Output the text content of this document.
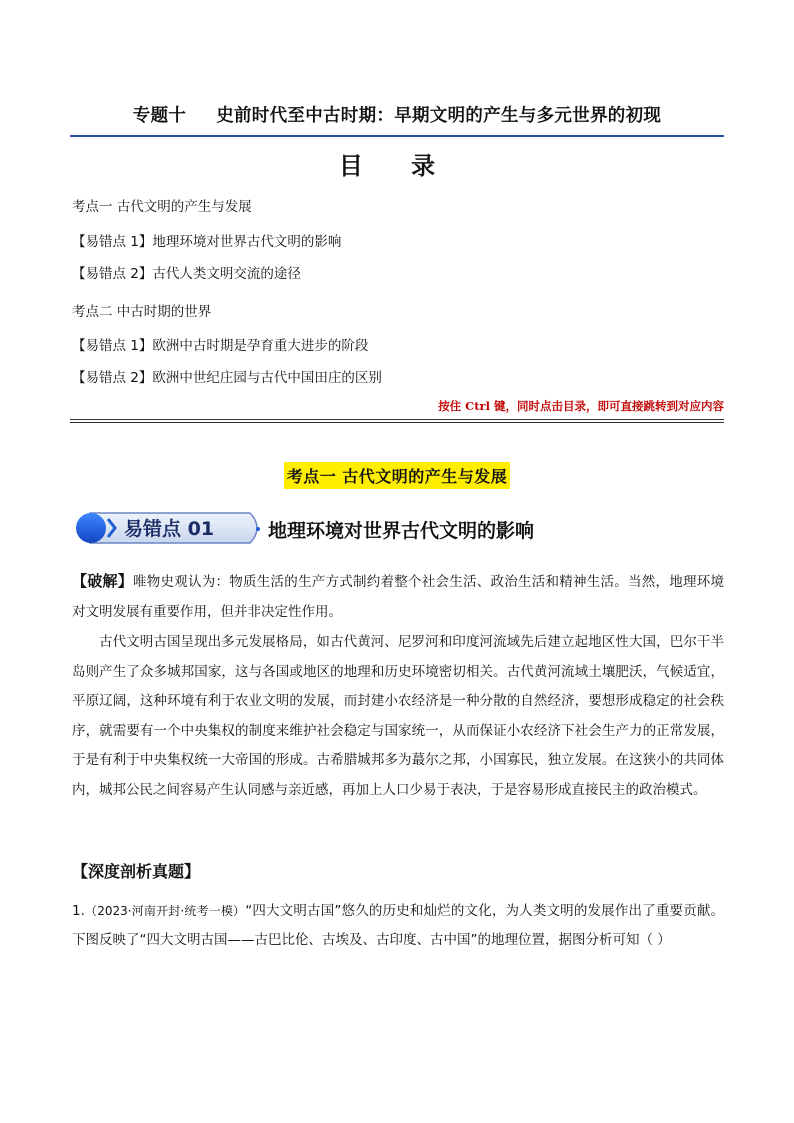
专题十 史前时代至中古时期：早期文明的产生与多元世界的初现
目 录
考点一 古代文明的产生与发展
【易错点 1】地理环境对世界古代文明的影响
【易错点 2】古代人类文明交流的途径
考点二 中古时期的世界
【易错点 1】欧洲中古时期是孕育重大进步的阶段
【易错点 2】欧洲中世纪庄园与古代中国田庄的区别
按住 Ctrl 键，同时点击目录，即可直接跳转到对应内容
考点一 古代文明的产生与发展
易错点 01	地理环境对世界古代文明的影响
【破解】唯物史观认为：物质生活的生产方式制约着整个社会生活、政治生活和精神生活。当然，地理环境对文明发展有重要作用，但并非决定性作用。
古代文明古国呈现出多元发展格局，如古代黄河、尼罗河和印度河流域先后建立起地区性大国，巴尔干半岛则产生了众多城邦国家，这与各国或地区的地理和历史环境密切相关。古代黄河流域土壤肥沃，气候适宜，平原辽阔，这种环境有利于农业文明的发展，而封建小农经济是一种分散的自然经济，要想形成稳定的社会秩序，就需要有一个中央集权的制度来维护社会稳定与国家统一，从而保证小农经济下社会生产力的正常发展，于是有利于中央集权统一大帝国的形成。古希腊城邦多为蕞尔之邦，小国寡民，独立发展。在这狭小的共同体内，城邦公民之间容易产生认同感与亲近感，再加上人口少易于表决，于是容易形成直接民主的政治模式。
【深度剖析真题】
1.（2023·河南开封·统考一模）“四大文明古国”悠久的历史和灿烂的文化，为人类文明的发展作出了重要贡献。下图反映了“四大文明古国——古巴比伦、古埃及、古印度、古中国”的地理位置，据图分析可知（ ）
